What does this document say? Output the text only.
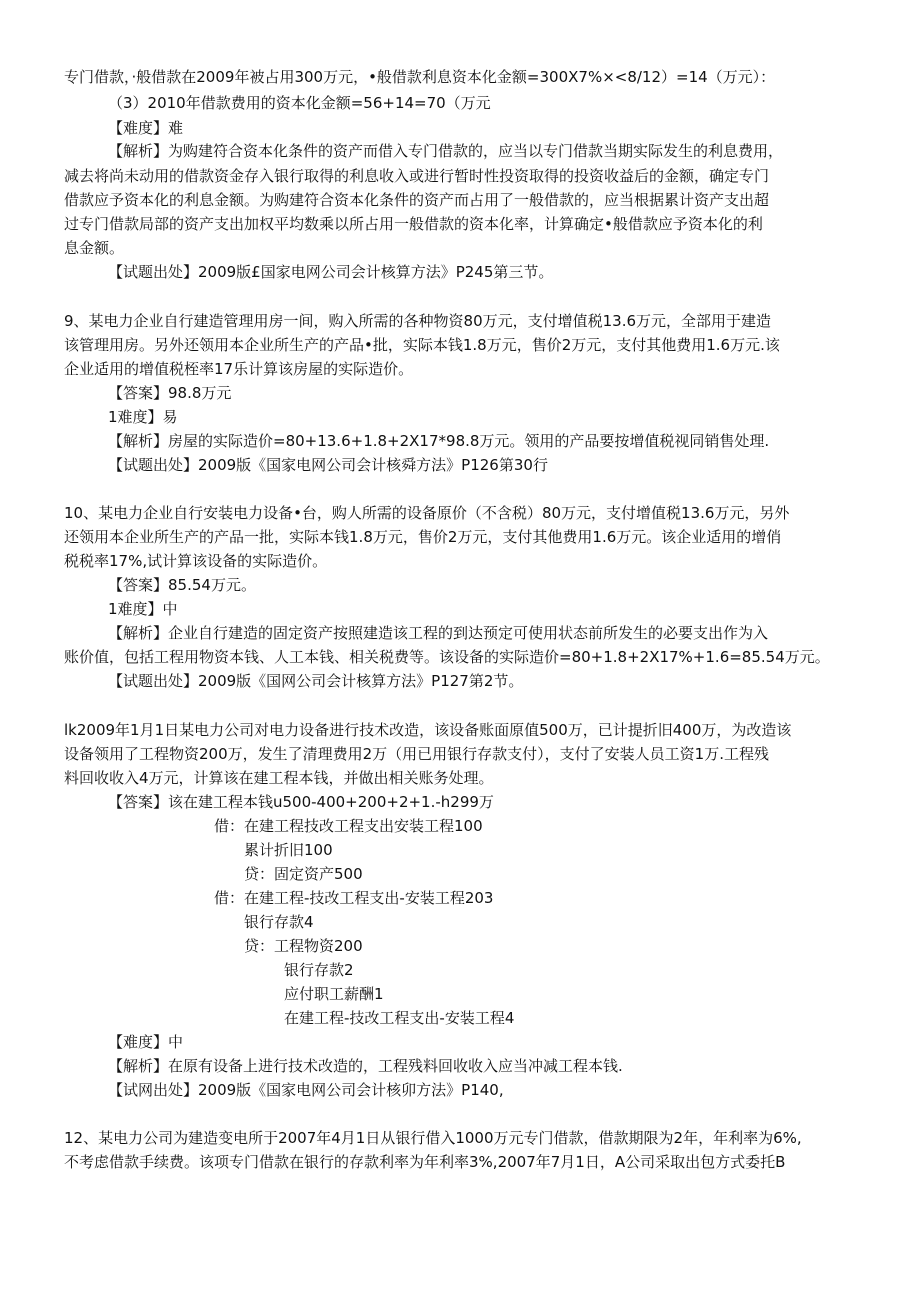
专门借款，·般借款在2009年被占用300万元，•般借款利息资本化金额=300X7%×<8/12）=14（万元）：
（3）2010年借款费用的资本化金额=56+14=70（万元
【难度】难
【解析】为购建符合资本化条件的资产而借入专门借款的，应当以专门借款当期实际发生的利息费用，
减去将尚未动用的借款资金存入银行取得的利息收入或进行暂时性投资取得的投资收益后的金额，确定专门
借款应予资本化的利息金额。为购建符合资本化条件的资产而占用了一般借款的，应当根据累计资产支出超
过专门借款局部的资产支出加权平均数乘以所占用一般借款的资本化率，计算确定•般借款应予资本化的利
息金额。
【试题出处】2009版£国家电网公司会计核算方法》P245第三节。
9、某电力企业自行建造管理用房一间，购入所需的各种物资80万元，支付增值税13.6万元，全部用于建造
该管理用房。另外还领用本企业所生产的产品•批，实际本钱1.8万元，售价2万元，支付其他费用1.6万元.该
企业适用的增值税桎率17乐计算该房屋的实际造价。
【答案】98.8万元
1难度】易
【解析】房屋的实际造价=80+13.6+1.8+2X17*98.8万元。领用的产品要按增值税视同销售处理.
【试题出处】2009版《国家电网公司会计核舜方法》P126第30行
10、某电力企业自行安装电力设备•台，购人所需的设备原价（不含税）80万元，支付增值税13.6万元，另外
还领用本企业所生产的产品一批，实际本钱1.8万元，售价2万元，支付其他费用1.6万元。该企业适用的增俏
税税率17%,试计算该设备的实际造价。
【答案】85.54万元。
1难度】中
【解析】企业自行建造的固定资产按照建造该工程的到达预定可使用状态前所发生的必要支出作为入
账价值，包括工程用物资本钱、人工本钱、相关税费等。该设备的实际造价=80+1.8+2X17%+1.6=85.54万元。
【试题出处】2009版《国网公司会计核算方法》P127第2节。
lk2009年1月1日某电力公司对电力设备进行技术改造，该设备账面原值500万，已计提折旧400万，为改造该
设备领用了工程物资200万，发生了清理费用2万（用已用银行存款支付），支付了安装人员工资1万.工程残
料回收收入4万元，计算该在建工程本钱，并做出相关账务处理。
【答案】该在建工程本钱u500-400+200+2+1.-h299万
借：在建工程技改工程支出安装工程100
累计折旧100
贷：固定资产500
借：在建工程-技改工程支出-安装工程203
银行存款4
贷：工程物资200
银行存款2
应付职工薪酬1
在建工程-技改工程支出-安装工程4
【难度】中
【解析】在原有设备上进行技术改造的，工程残料回收收入应当冲减工程本钱.
【试网出处】2009版《国家电网公司会计核卯方法》P140,
12、某电力公司为建造变电所于2007年4月1日从银行借入1000万元专门借款，借款期限为2年，年利率为6%,
不考虑借款手续费。该项专门借款在银行的存款利率为年利率3%,2007年7月1日，A公司采取出包方式委托B
